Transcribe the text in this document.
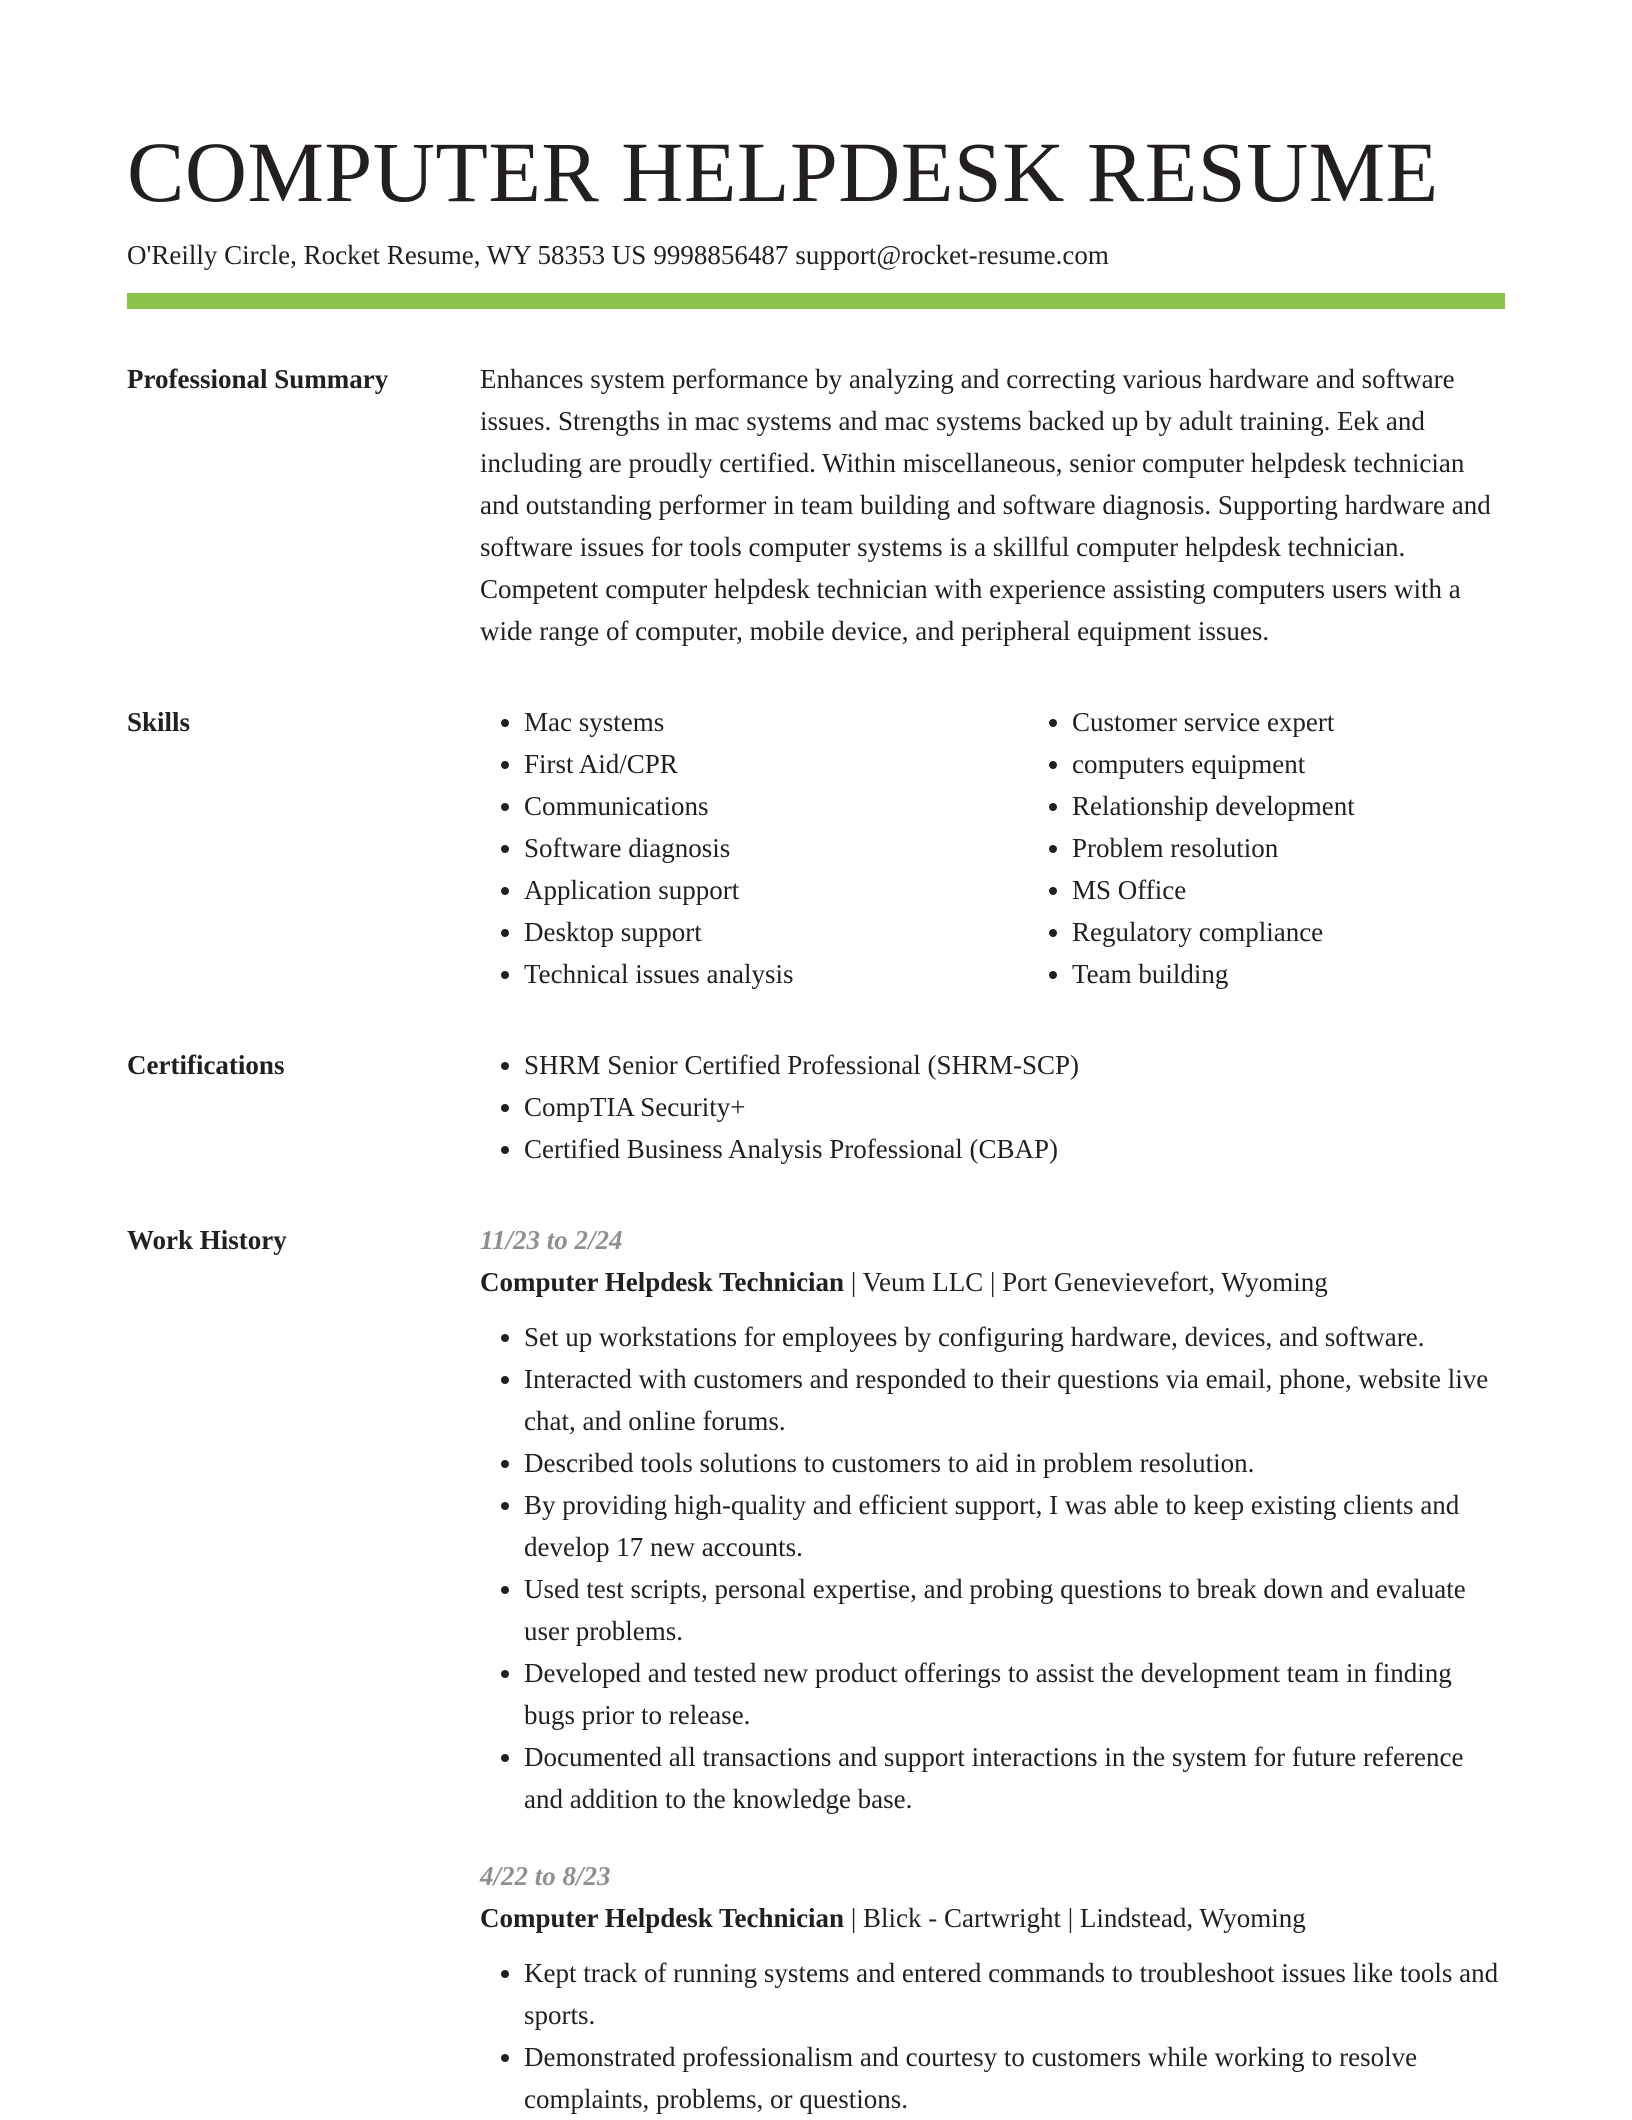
COMPUTER HELPDESK RESUME
O'Reilly Circle, Rocket Resume, WY 58353 US 9998856487 support@rocket-resume.com
Professional Summary	Enhances system performance by analyzing and correcting various hardware and software issues. Strengths in mac systems and mac systems backed up by adult training. Eek and including are proudly certified. Within miscellaneous, senior computer helpdesk technician and outstanding performer in team building and software diagnosis. Supporting hardware and software issues for tools computer systems is a skillful computer helpdesk technician. Competent computer helpdesk technician with experience assisting computers users with a wide range of computer, mobile device, and peripheral equipment issues.

Skills	• Mac systems
• First Aid/CPR
• Communications
• Software diagnosis
• Application support
• Desktop support
• Technical issues analysis
• Customer service expert
• computers equipment
• Relationship development
• Problem resolution
• MS Office
• Regulatory compliance
• Team building
Certifications	• SHRM Senior Certified Professional (SHRM-SCP)
• CompTIA Security+
• Certified Business Analysis Professional (CBAP)
Work History	11/23 to 2/24
Computer Helpdesk Technician | Veum LLC | Port Genevievefort, Wyoming
• Set up workstations for employees by configuring hardware, devices, and software.
• Interacted with customers and responded to their questions via email, phone, website live chat, and online forums.
• Described tools solutions to customers to aid in problem resolution.
• By providing high-quality and efficient support, I was able to keep existing clients and develop 17 new accounts.
• Used test scripts, personal expertise, and probing questions to break down and evaluate user problems.
• Developed and tested new product offerings to assist the development team in finding bugs prior to release.
• Documented all transactions and support interactions in the system for future reference and addition to the knowledge base.
4/22 to 8/23
Computer Helpdesk Technician | Blick - Cartwright | Lindstead, Wyoming
• Kept track of running systems and entered commands to troubleshoot issues like tools and sports.
• Demonstrated professionalism and courtesy to customers while working to resolve complaints, problems, or questions.
